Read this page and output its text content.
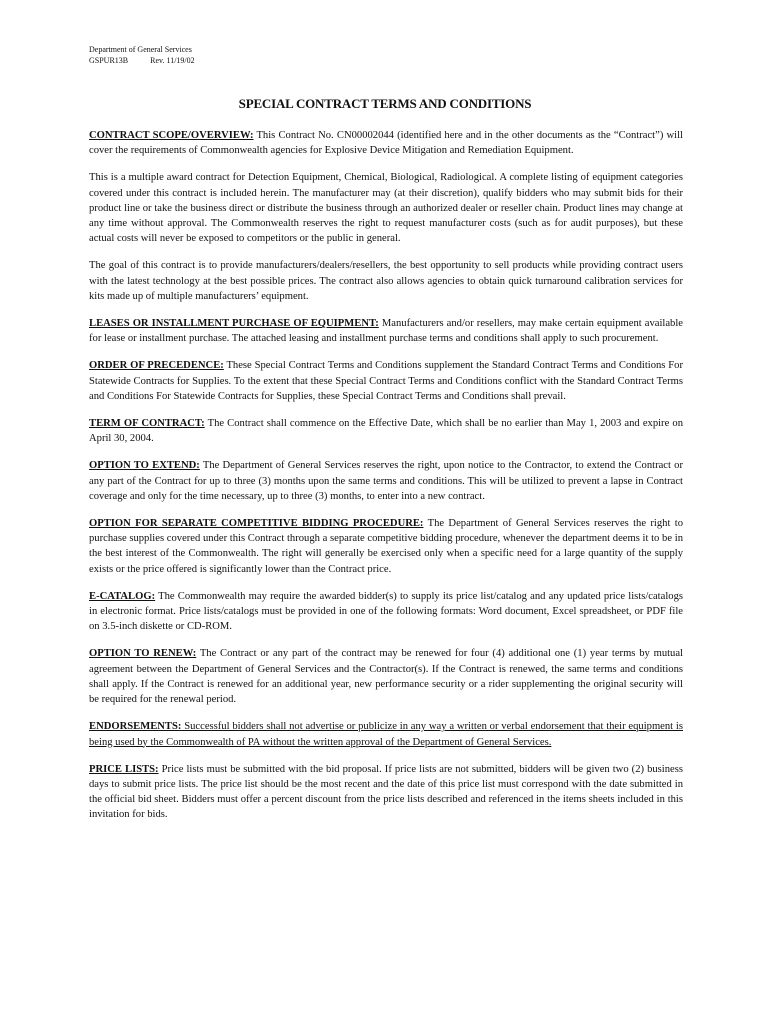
Department of General Services
GSPUR13B	Rev. 11/19/02
SPECIAL CONTRACT TERMS AND CONDITIONS

CONTRACT SCOPE/OVERVIEW: This Contract No. CN00002044 (identified here and in the other documents as the “Contract”) will cover the requirements of Commonwealth agencies for Explosive Device Mitigation and Remediation Equipment.

This is a multiple award contract for Detection Equipment, Chemical, Biological, Radiological. A complete listing of equipment categories covered under this contract is included herein. The manufacturer may (at their discretion), qualify bidders who may submit bids for their product line or take the business direct or distribute the business through an authorized dealer or reseller chain. Product lines may change at any time without approval. The Commonwealth reserves the right to request manufacturer costs (such as for audit purposes), but these actual costs will never be exposed to competitors or the public in general.

The goal of this contract is to provide manufacturers/dealers/resellers, the best opportunity to sell products while providing contract users with the latest technology at the best possible prices. The contract also allows agencies to obtain quick turnaround calibration services for kits made up of multiple manufacturers’ equipment.

LEASES OR INSTALLMENT PURCHASE OF EQUIPMENT: Manufacturers and/or resellers, may make certain equipment available for lease or installment purchase. The attached leasing and installment purchase terms and conditions shall apply to such procurement.

ORDER OF PRECEDENCE: These Special Contract Terms and Conditions supplement the Standard Contract Terms and Conditions For Statewide Contracts for Supplies. To the extent that these Special Contract Terms and Conditions conflict with the Standard Contract Terms and Conditions For Statewide Contracts for Supplies, these Special Contract Terms and Conditions shall prevail.

TERM OF CONTRACT: The Contract shall commence on the Effective Date, which shall be no earlier than May 1, 2003 and expire on April 30, 2004.

OPTION TO EXTEND: The Department of General Services reserves the right, upon notice to the Contractor, to extend the Contract or any part of the Contract for up to three (3) months upon the same terms and conditions. This will be utilized to prevent a lapse in Contract coverage and only for the time necessary, up to three (3) months, to enter into a new contract.

OPTION FOR SEPARATE COMPETITIVE BIDDING PROCEDURE: The Department of General Services reserves the right to purchase supplies covered under this Contract through a separate competitive bidding procedure, whenever the department deems it to be in the best interest of the Commonwealth. The right will generally be exercised only when a specific need for a large quantity of the supply exists or the price offered is significantly lower than the Contract price.

E-CATALOG: The Commonwealth may require the awarded bidder(s) to supply its price list/catalog and any updated price lists/catalogs in electronic format. Price lists/catalogs must be provided in one of the following formats: Word document, Excel spreadsheet, or PDF file on 3.5-inch diskette or CD-ROM.

OPTION TO RENEW: The Contract or any part of the contract may be renewed for four (4) additional one (1) year terms by mutual agreement between the Department of General Services and the Contractor(s). If the Contract is renewed, the same terms and conditions shall apply. If the Contract is renewed for an additional year, new performance security or a rider supplementing the original security will be required for the renewal period.

ENDORSEMENTS: Successful bidders shall not advertise or publicize in any way a written or verbal endorsement that their equipment is being used by the Commonwealth of PA without the written approval of the Department of General Services.

PRICE LISTS: Price lists must be submitted with the bid proposal. If price lists are not submitted, bidders will be given two (2) business days to submit price lists. The price list should be the most recent and the date of this price list must correspond with the date submitted in the official bid sheet. Bidders must offer a percent discount from the price lists described and referenced in the items sheets included in this invitation for bids.
